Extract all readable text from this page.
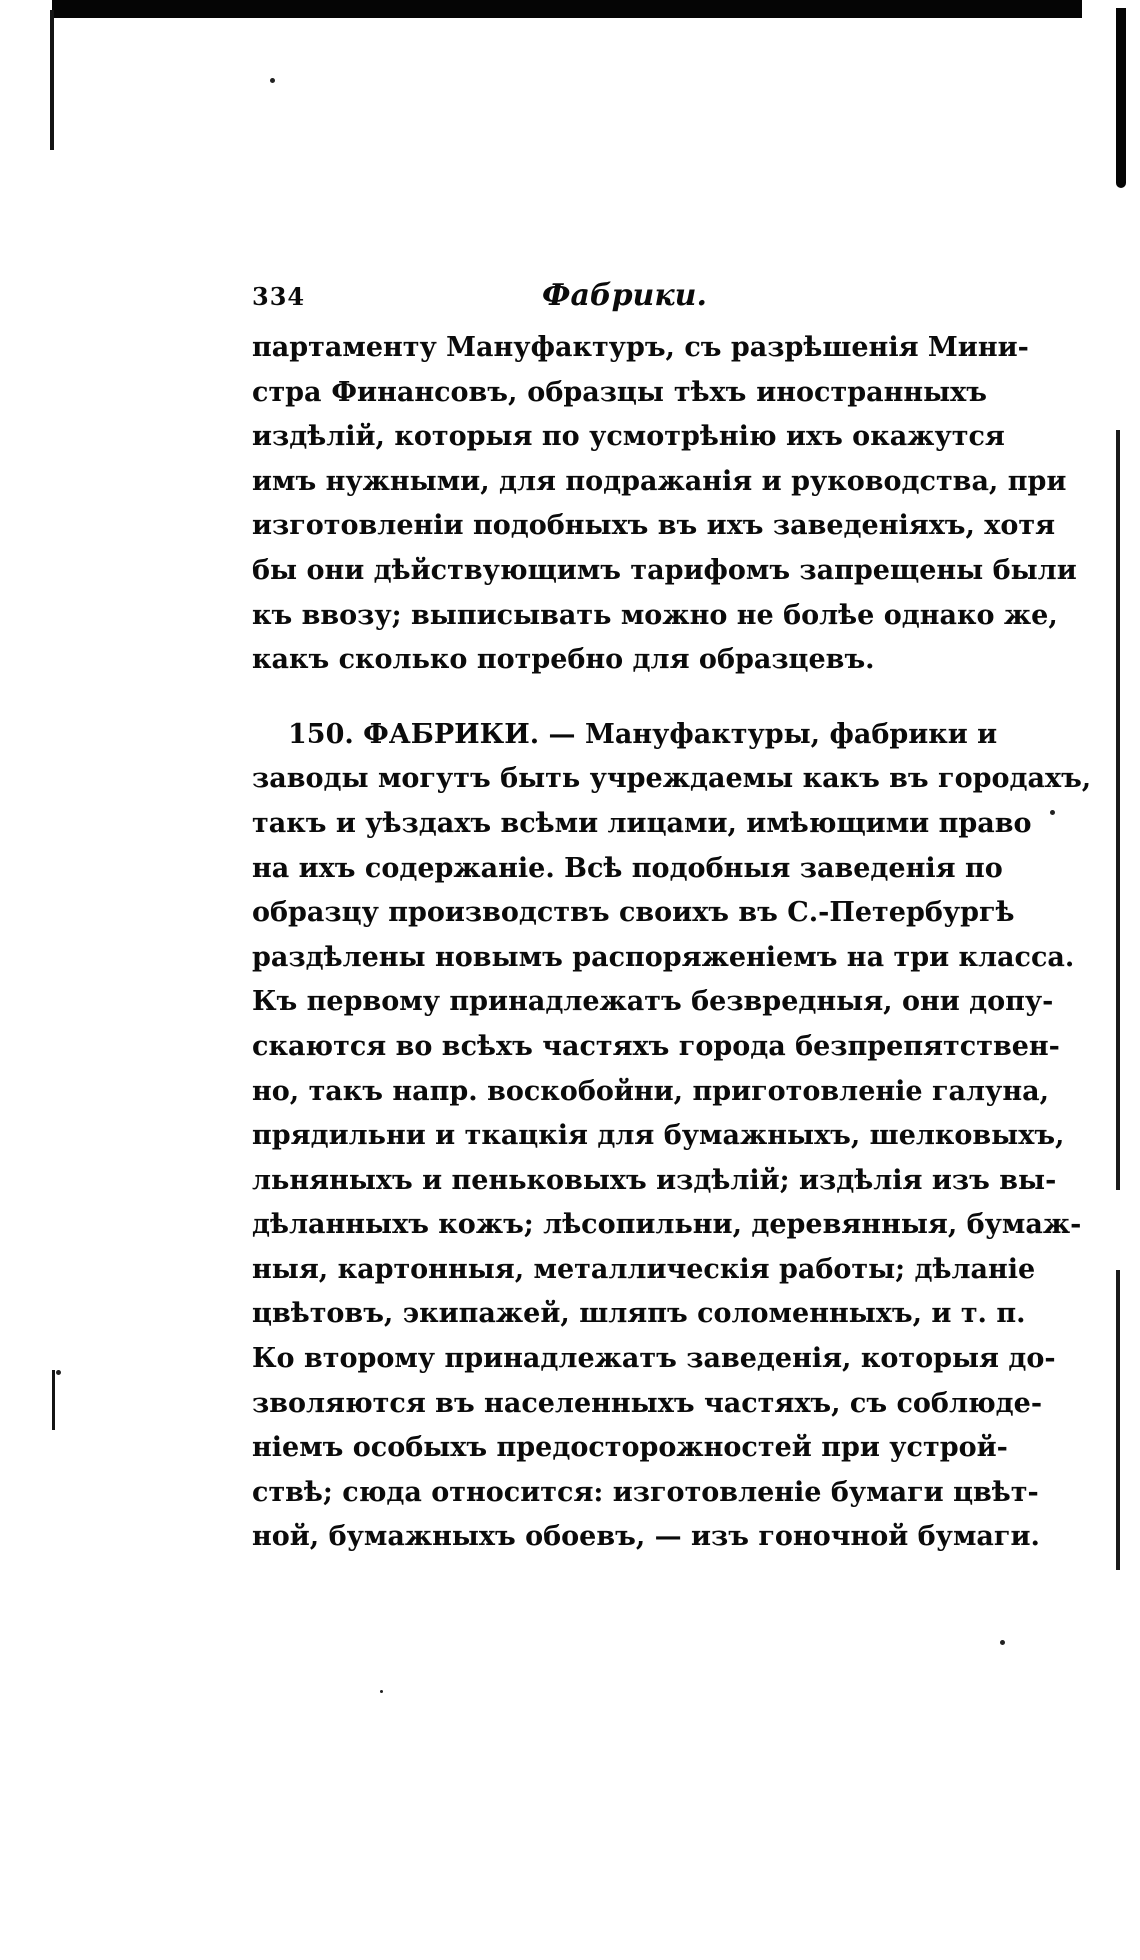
334	Фабрики.
партаменту Мануфактуръ, съ разрѣшенія Мини-
стра Финансовъ, образцы тѣхъ иностранныхъ
издѣлій, которыя по усмотрѣнію ихъ окажутся
имъ нужными, для подражанія и руководства, при
изготовленіи подобныхъ въ ихъ заведеніяхъ, хотя
бы они дѣйствующимъ тарифомъ запрещены были
къ ввозу; выписывать можно не болѣе однако же,
какъ сколько потребно для образцевъ.
150. ФАБРИКИ. — Мануфактуры, фабрики и
заводы могутъ быть учреждаемы какъ въ городахъ,
такъ и уѣздахъ всѣми лицами, имѣющими право
на ихъ содержаніе. Всѣ подобныя заведенія по
образцу производствъ своихъ въ С.-Петербургѣ
раздѣлены новымъ распоряженіемъ на три класса.
Къ первому принадлежатъ безвредныя, они допу-
скаются во всѣхъ частяхъ города безпрепятствен-
но, такъ напр. воскобойни, приготовленіе галуна,
прядильни и ткацкія для бумажныхъ, шелковыхъ,
льняныхъ и пеньковыхъ издѣлій; издѣлія изъ вы-
дѣланныхъ кожъ; лѣсопильни, деревянныя, бумаж-
ныя, картонныя, металлическія работы; дѣланіе
цвѣтовъ, экипажей, шляпъ соломенныхъ, и т. п.
Ко второму принадлежатъ заведенія, которыя до-
зволяются въ населенныхъ частяхъ, съ соблюде-
ніемъ особыхъ предосторожностей при устрой-
ствѣ; сюда относится: изготовленіе бумаги цвѣт-
ной, бумажныхъ обоевъ, — изъ гоночной бумаги.
